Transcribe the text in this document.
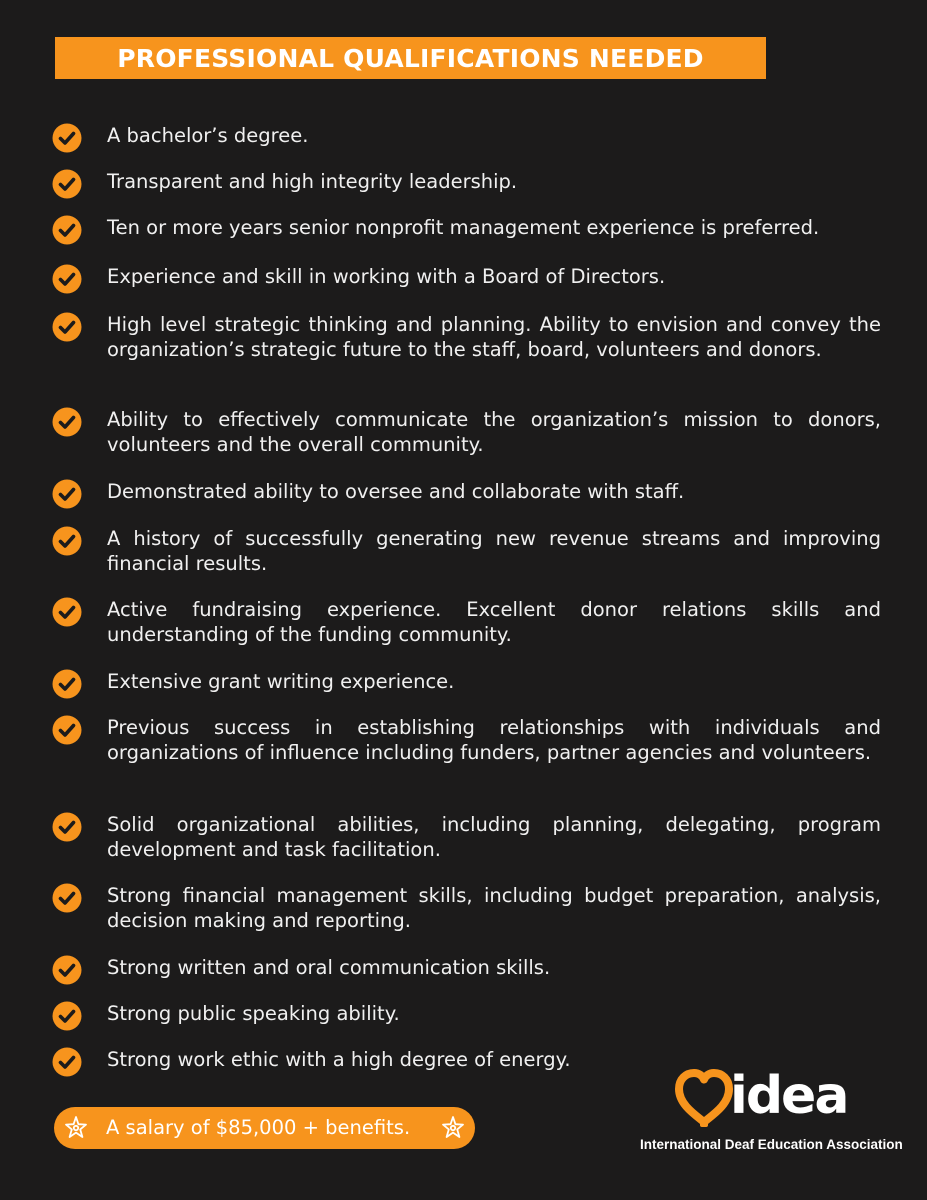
PROFESSIONAL QUALIFICATIONS NEEDED
A bachelor’s degree.
Transparent and high integrity leadership.
Ten or more years senior nonprofit management experience is preferred.
Experience and skill in working with a Board of Directors.
High level strategic thinking and planning. Ability to envision and convey the organization’s strategic future to the staff, board, volunteers and donors.
Ability to effectively communicate the organization’s mission to donors, volunteers and the overall community.
Demonstrated ability to oversee and collaborate with staff.
A history of successfully generating new revenue streams and improving financial results.
Active fundraising experience. Excellent donor relations skills and understanding of the funding community.
Extensive grant writing experience.
Previous success in establishing relationships with individuals and organizations of influence including funders, partner agencies and volunteers.
Solid organizational abilities, including planning, delegating, program development and task facilitation.
Strong financial management skills, including budget preparation, analysis, decision making and reporting.
Strong written and oral communication skills.
Strong public speaking ability.
Strong work ethic with a high degree of energy.
A salary of $85,000 + benefits.
idea
International Deaf Education Association
